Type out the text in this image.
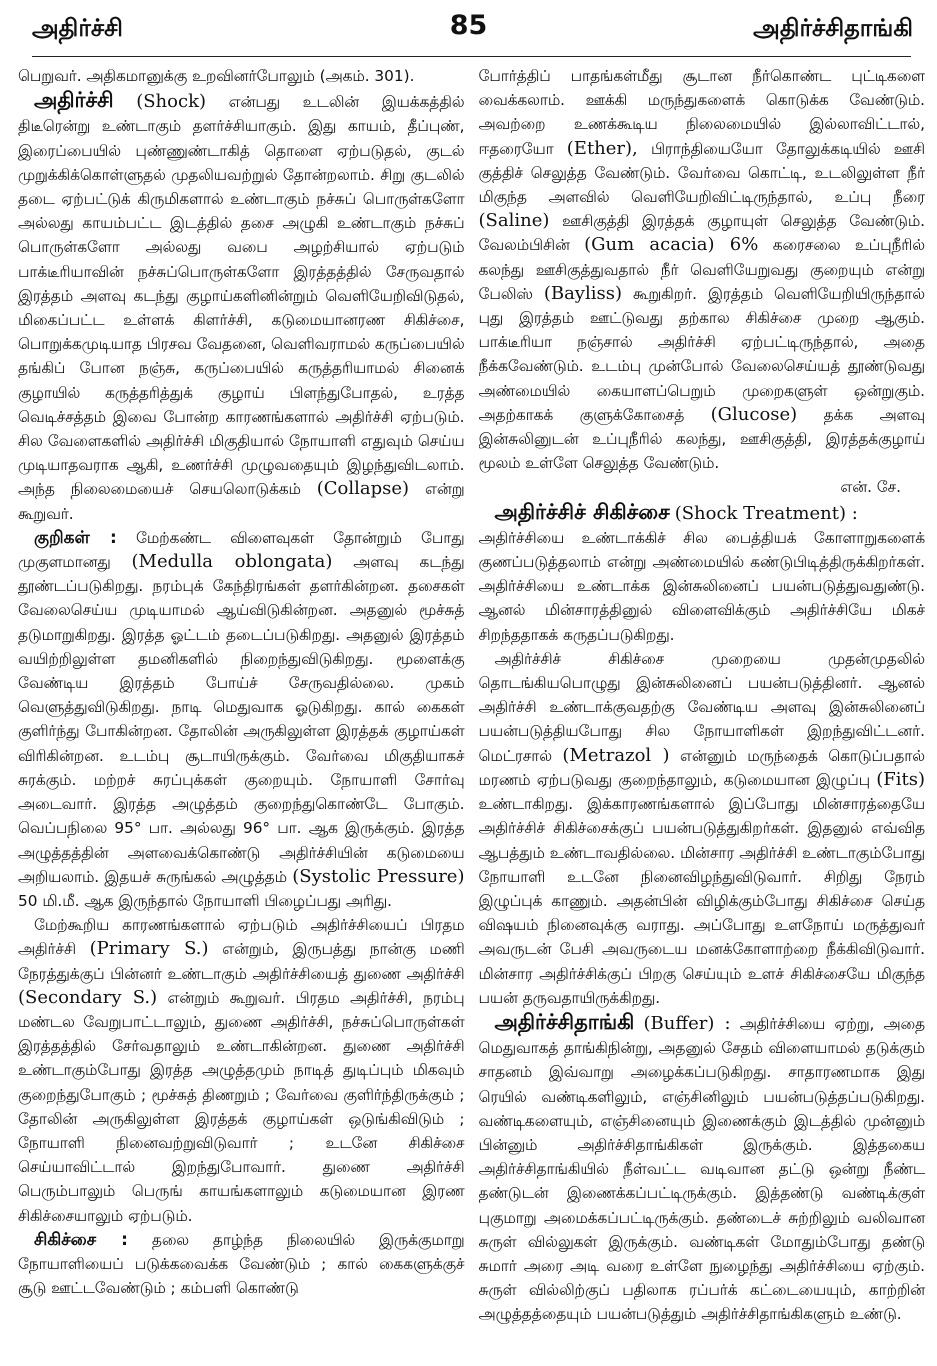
அதிர்ச்சி	85	அதிர்ச்சிதாங்கி

பெறுவர். அதிகமானுக்கு உறவினர்போலும் (அகம். 301).

அதிர்ச்சி (Shock) என்பது உடலின் இயக்கத்தில் திடீரென்று உண்டாகும் தளர்ச்சியாகும். இது காயம், தீப்புண், இரைப்பையில் புண்ணுண்டாகித் தொளை ஏற்படுதல், குடல் முறுக்கிக்கொள்ளுதல் முதலியவற்றுல் தோன்றலாம். சிறு குடலில் தடை ஏற்பட்டுக் கிருமிகளால் உண்டாகும் நச்சுப் பொருள்களோ அல்லது காயம்பட்ட இடத்தில் தசை அழுகி உண்டாகும் நச்சுப் பொருள்களோ அல்லது வபை அழற்சியால் ஏற்படும் பாக்டீரியாவின் நச்சுப்பொருள்களோ இரத்தத்தில் சேருவதால் இரத்தம் அளவு கடந்து குழாய்களினின்றும் வெளியேறிவிடுதல், மிகைப்பட்ட உள்ளக் கிளர்ச்சி, கடுமையானரண சிகிச்சை, பொறுக்கமுடியாத பிரசவ வேதனை, வெளிவராமல் கருப்பையில் தங்கிப் போன நஞ்சு, கருப்பையில் கருத்தரியாமல் சினைக் குழாயில் கருத்தரித்துக் குழாய் பிளந்துபோதல், உரத்த வெடிச்சத்தம் இவை போன்ற காரணங்களால் அதிர்ச்சி ஏற்படும். சில வேளைகளில் அதிர்ச்சி மிகுதியால் நோயாளி எதுவும் செய்ய முடியாதவராக ஆகி, உணர்ச்சி முழுவதையும் இழந்துவிடலாம். அந்த நிலைமையைச் செயலொடுக்கம் (Collapse) என்று கூறுவர்.

குறிகள் : மேற்கண்ட விளைவுகள் தோன்றும் போது முகுளமானது (Medulla oblongata) அளவு கடந்து தூண்டப்படுகிறது. நரம்புக் கேந்திரங்கள் தளர்கின்றன. தசைகள் வேலைசெய்ய முடியாமல் ஆய்விடுகின்றன. அதனுல் மூச்சுத் தடுமாறுகிறது. இரத்த ஓட்டம் தடைப்படுகிறது. அதனுல் இரத்தம் வயிற்றிலுள்ள தமனிகளில் நிறைந்துவிடுகிறது. மூளைக்கு வேண்டிய இரத்தம் போய்ச் சேருவதில்லை. முகம் வெளுத்துவிடுகிறது. நாடி மெதுவாக ஓடுகிறது. கால் கைகள் குளிர்ந்து போகின்றன. தோலின் அருகிலுள்ள இரத்தக் குழாய்கள் விரிகின்றன. உடம்பு சூடாயிருக்கும். வேர்வை மிகுதியாகச் சுரக்கும். மற்றச் சுரப்புக்கள் குறையும். நோயாளி சோர்வு அடைவார். இரத்த அழுத்தம் குறைந்துகொண்டே போகும். வெப்பநிலை 95° பா. அல்லது 96° பா. ஆக இருக்கும். இரத்த அழுத்தத்தின் அளவைக்கொண்டு அதிர்ச்சியின் கடுமையை அறியலாம். இதயச் சுருங்கல் அழுத்தம் (Systolic Pressure) 50 மி.மீ. ஆக இருந்தால் நோயாளி பிழைப்பது அரிது.

மேற்கூறிய காரணங்களால் ஏற்படும் அதிர்ச்சியைப் பிரதம அதிர்ச்சி (Primary S.) என்றும், இருபத்து நான்கு மணி நேரத்துக்குப் பின்னர் உண்டாகும் அதிர்ச்சியைத் துணை அதிர்ச்சி (Secondary S.) என்றும் கூறுவர். பிரதம அதிர்ச்சி, நரம்பு மண்டல வேறுபாட்டாலும், துணை அதிர்ச்சி, நச்சுப்பொருள்கள் இரத்தத்தில் சேர்வதாலும் உண்டாகின்றன. துணை அதிர்ச்சி உண்டாகும்போது இரத்த அழுத்தமும் நாடித் துடிப்பும் மிகவும் குறைந்துபோகும் ; மூச்சுத் திணறும் ; வேர்வை குளிர்ந்திருக்கும் ; தோலின் அருகிலுள்ள இரத்தக் குழாய்கள் ஒடுங்கிவிடும் ; நோயாளி நினைவற்றுவிடுவார் ; உடனே சிகிச்சை செய்யாவிட்டால் இறந்துபோவார். துணை அதிர்ச்சி பெரும்பாலும் பெருங் காயங்களாலும் கடுமையான இரண சிகிச்சையாலும் ஏற்படும்.

சிகிச்சை : தலை தாழ்ந்த நிலையில் இருக்குமாறு நோயாளியைப் படுக்கவைக்க வேண்டும் ; கால் கைகளுக்குச் சூடு ஊட்டவேண்டும் ; கம்பளி கொண்டு

போர்த்திப் பாதங்கள்மீது சூடான நீர்கொண்ட புட்டிகளை வைக்கலாம். ஊக்கி மருந்துகளைக் கொடுக்க வேண்டும். அவற்றை உணக்கூடிய நிலைமையில் இல்லாவிட்டால், ஈதரையோ (Ether), பிராந்தியையோ தோலுக்கடியில் ஊசி குத்திச் செலுத்த வேண்டும். வேர்வை கொட்டி, உடலிலுள்ள நீர் மிகுந்த அளவில் வெளியேறிவிட்டிருந்தால், உப்பு நீரை (Saline) ஊசிகுத்தி இரத்தக் குழாயுள் செலுத்த வேண்டும். வேலம்பிசின் (Gum acacia) 6% கரைசலை உப்புநீரில் கலந்து ஊசிகுத்துவதால் நீர் வெளியேறுவது குறையும் என்று பேலிஸ் (Bayliss) கூறுகிறர். இரத்தம் வெளியேறியிருந்தால் புது இரத்தம் ஊட்டுவது தற்கால சிகிச்சை முறை ஆகும். பாக்டீரியா நஞ்சால் அதிர்ச்சி ஏற்பட்டிருந்தால், அதை நீக்கவேண்டும். உடம்பு முன்போல் வேலைசெய்யத் தூண்டுவது அண்மையில் கையாளப்பெறும் முறைகளுள் ஒன்றுகும். அதற்காகக் குளுக்கோசைத் (Glucose) தக்க அளவு இன்சுலினுடன் உப்புநீரில் கலந்து, ஊசிகுத்தி, இரத்தக்குழாய் மூலம் உள்ளே செலுத்த வேண்டும்.
என். சே.

அதிர்ச்சிச் சிகிச்சை (Shock Treatment) :

அதிர்ச்சியை உண்டாக்கிச் சில பைத்தியக் கோளாறுகளைக் குணப்படுத்தலாம் என்று அண்மையில் கண்டுபிடித்திருக்கிறர்கள். அதிர்ச்சியை உண்டாக்க இன்சுலினைப் பயன்படுத்துவதுண்டு. ஆனல் மின்சாரத்தினுல் விளைவிக்கும் அதிர்ச்சியே மிகச் சிறந்ததாகக் கருதப்படுகிறது.

அதிர்ச்சிச் சிகிச்சை முறையை முதன்முதலில் தொடங்கியபொழுது இன்சுலினைப் பயன்படுத்தினர். ஆனல் அதிர்ச்சி உண்டாக்குவதற்கு வேண்டிய அளவு இன்சுலினைப் பயன்படுத்தியபோது சில நோயாளிகள் இறந்துவிட்டனர். மெட்ரசால் (Metrazol ) என்னும் மருந்தைக் கொடுப்பதால் மரணம் ஏற்படுவது குறைந்தாலும், கடுமையான இழுப்பு (Fits) உண்டாகிறது. இக்காரணங்களால் இப்போது மின்சாரத்தையே அதிர்ச்சிச் சிகிச்சைக்குப் பயன்படுத்துகிறர்கள். இதனுல் எவ்வித ஆபத்தும் உண்டாவதில்லை. மின்சார அதிர்ச்சி உண்டாகும்போது நோயாளி உடனே நினைவிழந்துவிடுவார். சிறிது நேரம் இழுப்புக் காணும். அதன்பின் விழிக்கும்போது சிகிச்சை செய்த விஷயம் நினைவுக்கு வராது. அப்போது உளநோய் மருத்துவர் அவருடன் பேசி அவருடைய மனக்கோளாற்றை நீக்கிவிடுவார். மின்சார அதிர்ச்சிக்குப் பிறகு செய்யும் உளச் சிகிச்சையே மிகுந்த பயன் தருவதாயிருக்கிறது.

அதிர்ச்சிதாங்கி (Buffer) : அதிர்ச்சியை ஏற்று, அதை மெதுவாகத் தாங்கிநின்று, அதனுல் சேதம் விளையாமல் தடுக்கும் சாதனம் இவ்வாறு அழைக்கப்படுகிறது. சாதாரணமாக இது ரெயில் வண்டிகளிலும், எஞ்சினிலும் பயன்படுத்தப்படுகிறது. வண்டிகளையும், எஞ்சினையும் இணைக்கும் இடத்தில் முன்னும் பின்னும் அதிர்ச்சிதாங்கிகள் இருக்கும். இத்தகைய அதிர்ச்சிதாங்கியில் நீள்வட்ட வடிவான தட்டு ஒன்று நீண்ட தண்டுடன் இணைக்கப்பட்டிருக்கும். இத்தண்டு வண்டிக்குள் புகுமாறு அமைக்கப்பட்டிருக்கும். தண்டைச் சுற்றிலும் வலிவான சுருள் வில்லுகள் இருக்கும். வண்டிகள் மோதும்போது தண்டு சுமார் அரை அடி வரை உள்ளே நுழைந்து அதிர்ச்சியை ஏற்கும். சுருள் வில்லிற்குப் பதிலாக ரப்பர்க் கட்டையையும், காற்றின் அழுத்தத்தையும் பயன்படுத்தும் அதிர்ச்சிதாங்கிகளும் உண்டு.
